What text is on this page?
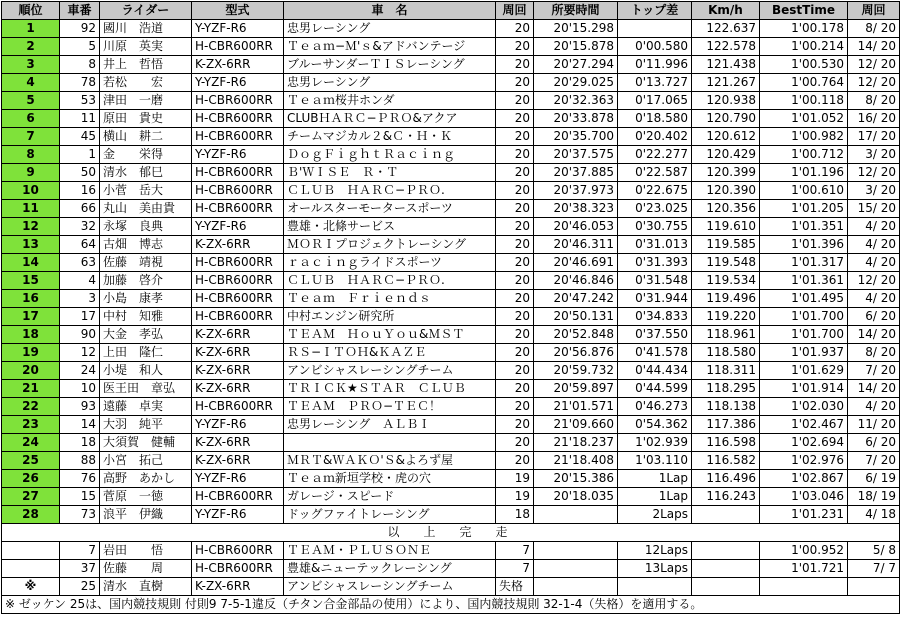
順位	車番	ライダー	型式	車　名	周回	所要時間	トップ差	Km/h	BestTime	周回
1	92	國川　浩道	Y-YZF-R6	忠男レーシング	20	20'15.298		122.637	1'00.178	8/ 20
2	5	川原　英実	H-CBR600RR	Ｔｅａｍ−Ｍ'ｓ&アドバンテージ	20	20'15.878	0'00.580	122.578	1'00.214	14/ 20
3	8	井上　哲悟	K-ZX-6RR	ブルーサンダーＴＩＳレーシング	20	20'27.294	0'11.996	121.438	1'00.530	12/ 20
4	78	若松　　宏	Y-YZF-R6	忠男レーシング	20	20'29.025	0'13.727	121.267	1'00.764	12/ 20
5	53	津田　一磨	H-CBR600RR	Ｔｅａｍ桜井ホンダ	20	20'32.363	0'17.065	120.938	1'00.118	8/ 20
6	11	原田　貴史	H-CBR600RR	CLUBＨＡＲＣ−ＰＲＯ&アクア	20	20'33.878	0'18.580	120.790	1'01.052	16/ 20
7	45	横山　耕二	H-CBR600RR	チームマジカル２&Ｃ・Ｈ・Ｋ	20	20'35.700	0'20.402	120.612	1'00.982	17/ 20
8	1	金　　栄得	Y-YZF-R6	ＤｏｇＦｉｇｈｔＲａｃｉｎｇ	20	20'37.575	0'22.277	120.429	1'00.712	3/ 20
9	50	清水　郁巳	H-CBR600RR	Ｂ'ＷＩＳＥ　Ｒ・Ｔ	20	20'37.885	0'22.587	120.399	1'01.196	12/ 20
10	16	小菅　岳大	H-CBR600RR	ＣＬＵＢ　ＨＡＲＣ−ＰＲＯ.	20	20'37.973	0'22.675	120.390	1'00.610	3/ 20
11	66	丸山　美由貴	H-CBR600RR	オールスターモータースポーツ	20	20'38.323	0'23.025	120.356	1'01.205	15/ 20
12	32	永塚　良典	Y-YZF-R6	豊雄・北條サービス	20	20'46.053	0'30.755	119.610	1'01.351	4/ 20
13	64	古畑　博志	K-ZX-6RR	ＭＯＲＩプロジェクトレーシング	20	20'46.311	0'31.013	119.585	1'01.396	4/ 20
14	63	佐藤　靖視	H-CBR600RR	ｒａｃｉｎｇライドスポーツ	20	20'46.691	0'31.393	119.548	1'01.317	4/ 20
15	4	加藤　啓介	H-CBR600RR	ＣＬＵＢ　ＨＡＲＣ−ＰＲＯ.	20	20'46.846	0'31.548	119.534	1'01.361	12/ 20
16	3	小島　康孝	H-CBR600RR	Ｔｅａｍ　Ｆｒｉｅｎｄｓ	20	20'47.242	0'31.944	119.496	1'01.495	4/ 20
17	17	中村　知雅	H-CBR600RR	中村エンジン研究所	20	20'50.131	0'34.833	119.220	1'01.700	6/ 20
18	90	大金　孝弘	K-ZX-6RR	ＴＥＡＭ　ＨｏｕＹｏｕ&ＭＳＴ	20	20'52.848	0'37.550	118.961	1'01.700	14/ 20
19	12	上田　隆仁	K-ZX-6RR	ＲＳ−ＩＴＯＨ&ＫＡＺＥ	20	20'56.876	0'41.578	118.580	1'01.937	8/ 20
20	24	小堤　和人	K-ZX-6RR	アンビシャスレーシングチーム	20	20'59.732	0'44.434	118.311	1'01.629	7/ 20
21	10	医王田　章弘	K-ZX-6RR	ＴＲＩＣＫ★ＳＴＡＲ　ＣＬＵＢ	20	20'59.897	0'44.599	118.295	1'01.914	14/ 20
22	93	遠藤　卓実	H-CBR600RR	ＴＥＡＭ　ＰＲＯ−ＴＥＣ！	20	21'01.571	0'46.273	118.138	1'02.030	4/ 20
23	14	大羽　純平	Y-YZF-R6	忠男レーシング　ＡＬＢＩ	20	21'09.660	0'54.362	117.386	1'02.467	11/ 20
24	18	大須賀　健輔	K-ZX-6RR		20	21'18.237	1'02.939	116.598	1'02.694	6/ 20
25	88	小宮　拓己	K-ZX-6RR	ＭＲＴ&ＷＡＫＯ'Ｓ&よろず屋	20	21'18.408	1'03.110	116.582	1'02.976	7/ 20
26	76	高野　あかし	Y-YZF-R6	Ｔｅａｍ新垣学校・虎の穴	19	20'15.386	1Lap	116.496	1'02.867	6/ 19
27	15	菅原　一徳	H-CBR600RR	ガレージ・スピード	19	20'18.035	1Lap	116.243	1'03.046	18/ 19
28	73	浪平　伊織	Y-YZF-R6	ドッグファイトレーシング	18		2Laps		1'01.231	4/ 18
以　上　完　走										
	7	岩田　　悟	H-CBR600RR	ＴＥＡＭ・ＰＬＵＳＯＮＥ	7		12Laps		1'00.952	5/ 8
	37	佐藤　　周	H-CBR600RR	豊雄&ニューテックレーシング	7		13Laps		1'01.721	7/ 7
※	25	清水　直樹	K-ZX-6RR	アンビシャスレーシングチーム	失格					
※ ゼッケン 25は、国内競技規則 付則9 7-5-1違反（チタン合金部品の使用）により、国内競技規則 32-1-4（失格）を適用する。										
